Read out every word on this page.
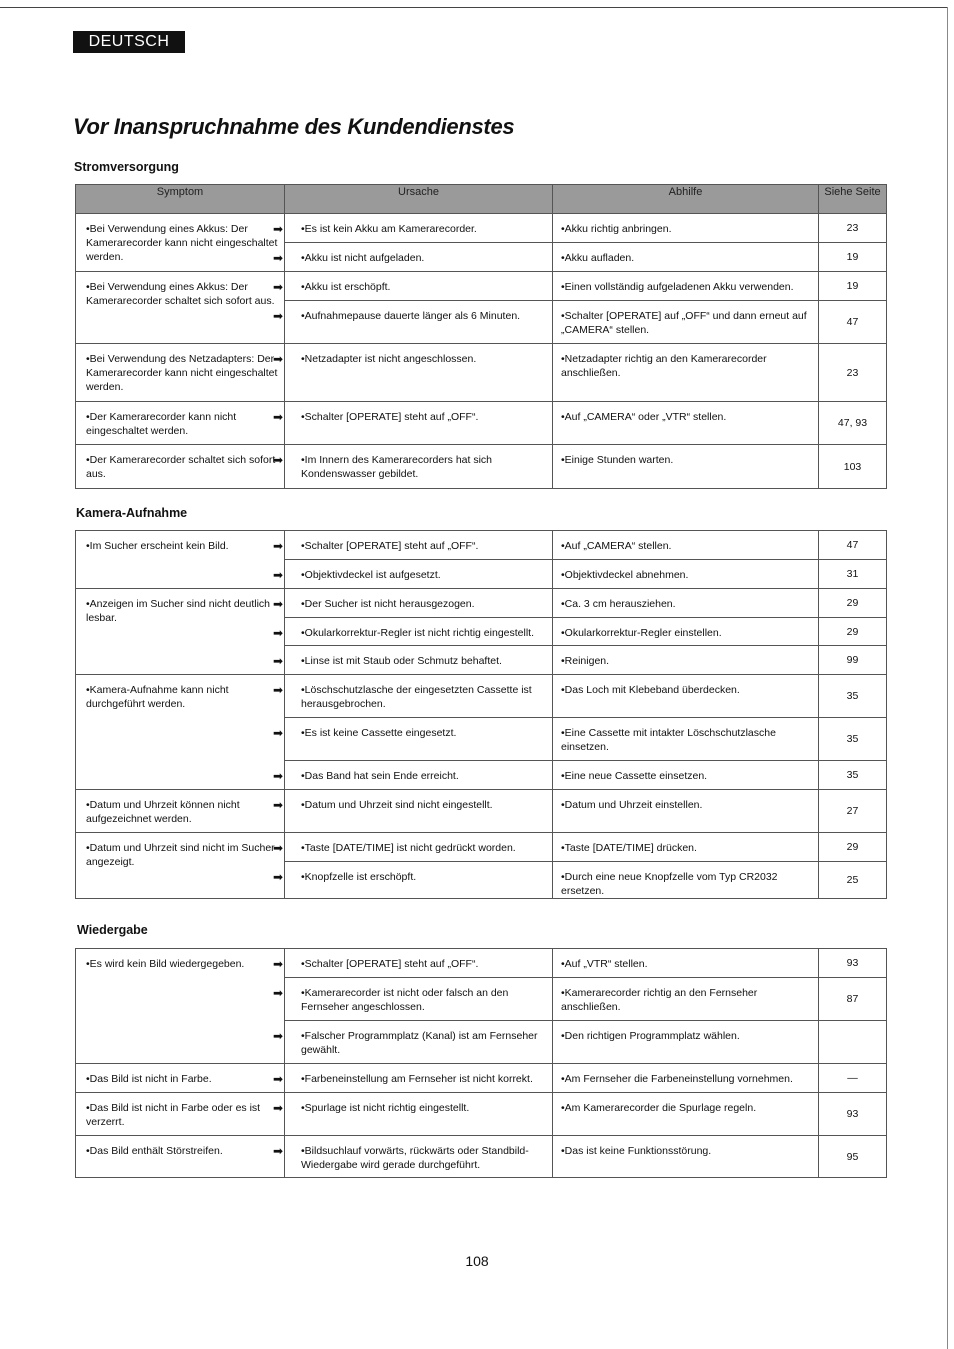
DEUTSCH
Vor Inanspruchnahme des Kundendienstes
Stromversorgung
Symptom	Ursache	Abhilfe	Siehe Seite
•Bei Verwendung eines Akkus: Der Kamerarecorder kann nicht eingeschaltet werden.	➡ •Es ist kein Akku am Kamerarecorder.	•Akku richtig anbringen.	23

	➡ •Akku ist nicht aufgeladen.	•Akku aufladen.	19
•Bei Verwendung eines Akkus: Der Kamerarecorder schaltet sich sofort aus.	➡ •Akku ist erschöpft.	•Einen vollständig aufgeladenen Akku verwenden.	19

	➡ •Aufnahmepause dauerte länger als 6 Minuten.	•Schalter [OPERATE] auf „OFF“ und dann erneut auf „CAMERA“ stellen.	47
•Bei Verwendung des Netzadapters: Der Kamerarecorder kann nicht eingeschaltet werden.	➡ •Netzadapter ist nicht angeschlossen.	•Netzadapter richtig an den Kamerarecorder anschließen.	23
•Der Kamerarecorder kann nicht eingeschaltet werden.	➡ •Schalter [OPERATE] steht auf „OFF“.	•Auf „CAMERA“ oder „VTR“ stellen.	47, 93
•Der Kamerarecorder schaltet sich sofort aus.	➡ •Im Innern des Kamerarecorders hat sich Kondenswasser gebildet.	•Einige Stunden warten.	103
Kamera-Aufnahme
•Im Sucher erscheint kein Bild.	➡ •Schalter [OPERATE] steht auf „OFF“.	•Auf „CAMERA“ stellen.	47

	➡ •Objektivdeckel ist aufgesetzt.	•Objektivdeckel abnehmen.	31
•Anzeigen im Sucher sind nicht deutlich lesbar.	➡ •Der Sucher ist nicht herausgezogen.	•Ca. 3 cm herausziehen.	29

	➡ •Okularkorrektur-Regler ist nicht richtig eingestellt.	•Okularkorrektur-Regler einstellen.	29

	➡ •Linse ist mit Staub oder Schmutz behaftet.	•Reinigen.	99
•Kamera-Aufnahme kann nicht durchgeführt werden.	➡ •Löschschutzlasche der eingesetzten Cassette ist herausgebrochen.	•Das Loch mit Klebeband überdecken.	35

	➡ •Es ist keine Cassette eingesetzt.	•Eine Cassette mit intakter Löschschutzlasche einsetzen.	35

	➡ •Das Band hat sein Ende erreicht.	•Eine neue Cassette einsetzen.	35
•Datum und Uhrzeit können nicht aufgezeichnet werden.	➡ •Datum und Uhrzeit sind nicht eingestellt.	•Datum und Uhrzeit einstellen.	27
•Datum und Uhrzeit sind nicht im Sucher angezeigt.	➡ •Taste [DATE/TIME] ist nicht gedrückt worden.	•Taste [DATE/TIME] drücken.	29

	➡ •Knopfzelle ist erschöpft.	•Durch eine neue Knopfzelle vom Typ CR2032 ersetzen.	25
Wiedergabe
•Es wird kein Bild wiedergegeben.	➡ •Schalter [OPERATE] steht auf „OFF“.	•Auf „VTR“ stellen.	93

	➡ •Kamerarecorder ist nicht oder falsch an den Fernseher angeschlossen.	•Kamerarecorder richtig an den Fernseher anschließen.	87

	➡ •Falscher Programmplatz (Kanal) ist am Fernseher gewählt.	•Den richtigen Programmplatz wählen.	
•Das Bild ist nicht in Farbe.	➡ •Farbeneinstellung am Fernseher ist nicht korrekt.	•Am Fernseher die Farbeneinstellung vornehmen.	—
•Das Bild ist nicht in Farbe oder es ist verzerrt.	➡ •Spurlage ist nicht richtig eingestellt.	•Am Kamerarecorder die Spurlage regeln.	93
•Das Bild enthält Störstreifen.	➡ •Bildsuchlauf vorwärts, rückwärts oder Standbild-Wiedergabe wird gerade durchgeführt.	•Das ist keine Funktionsstörung.	95
108
